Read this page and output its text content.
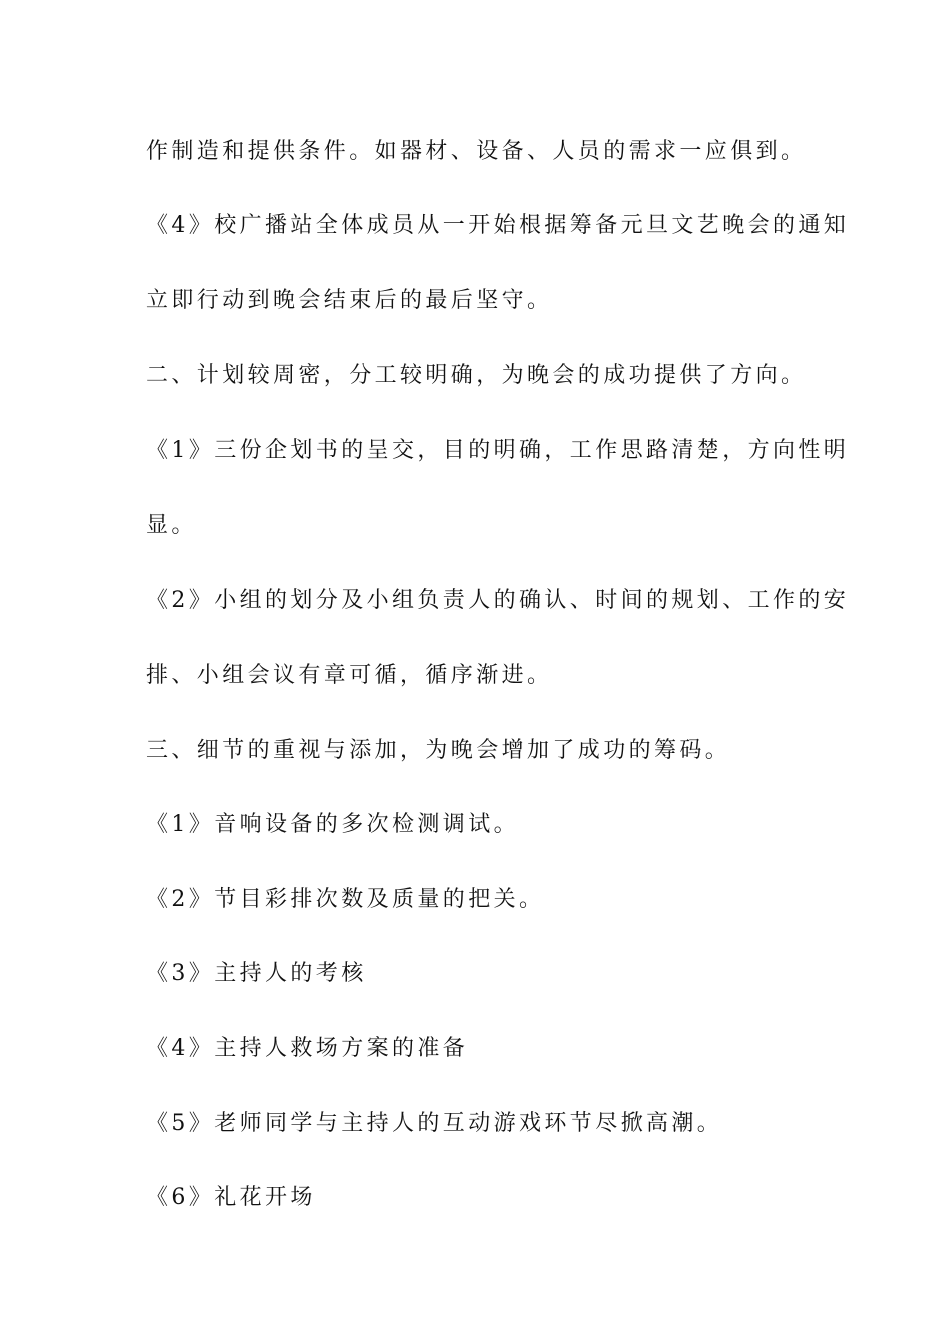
作制造和提供条件。如器材、设备、人员的需求一应俱到。
《4》校广播站全体成员从一开始根据筹备元旦文艺晚会的通知
立即行动到晚会结束后的最后坚守。
二、计划较周密，分工较明确，为晚会的成功提供了方向。
《1》三份企划书的呈交，目的明确，工作思路清楚，方向性明
显。
《2》小组的划分及小组负责人的确认、时间的规划、工作的安
排、小组会议有章可循，循序渐进。
三、细节的重视与添加，为晚会增加了成功的筹码。
《1》音响设备的多次检测调试。
《2》节目彩排次数及质量的把关。
《3》主持人的考核
《4》主持人救场方案的准备
《5》老师同学与主持人的互动游戏环节尽掀高潮。
《6》礼花开场
